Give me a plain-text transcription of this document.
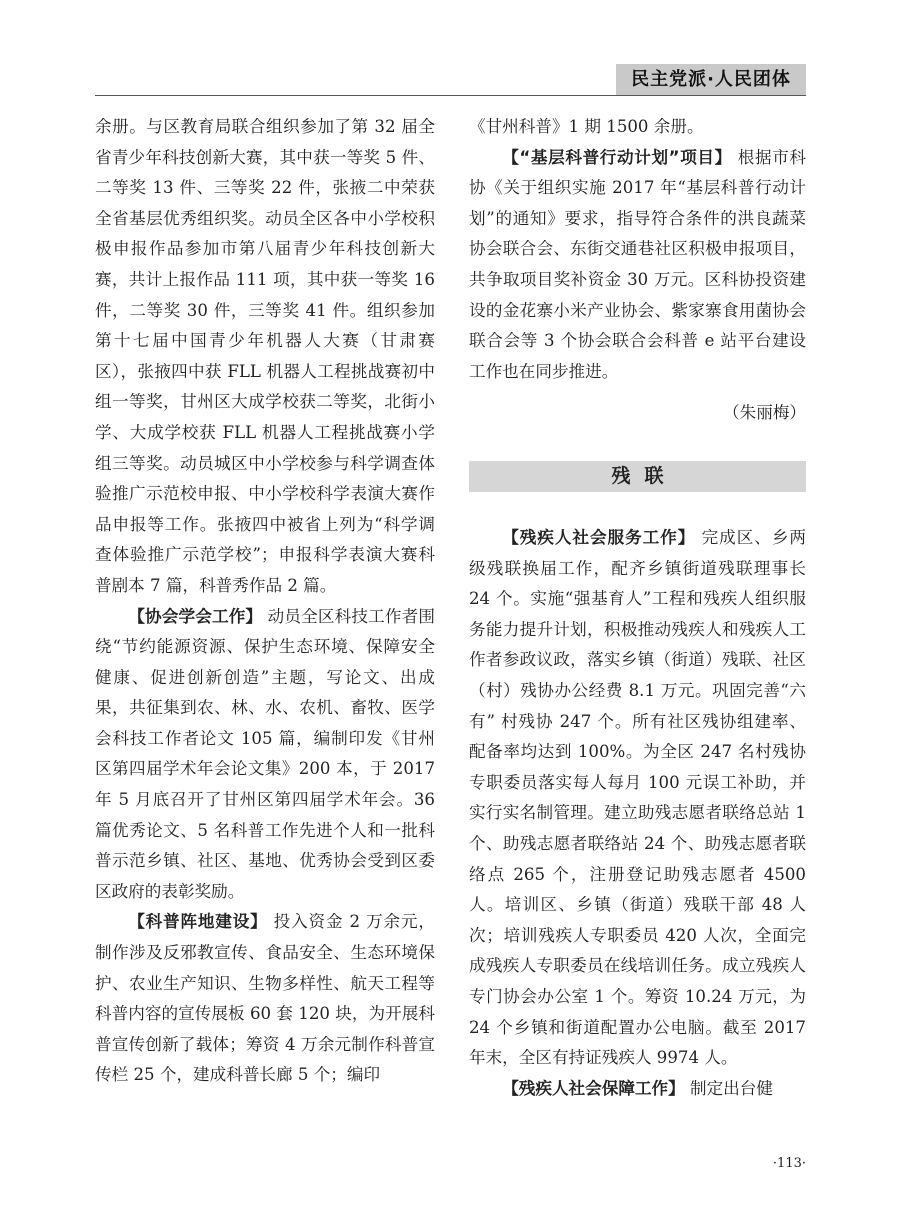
民主党派·人民团体

余册。与区教育局联合组织参加了第 32 届全省青少年科技创新大赛，其中获一等奖 5 件、二等奖 13 件、三等奖 22 件，张掖二中荣获全省基层优秀组织奖。动员全区各中小学校积极申报作品参加市第八届青少年科技创新大赛，共计上报作品 111 项，其中获一等奖 16 件，二等奖 30 件，三等奖 41 件。组织参加第十七届中国青少年机器人大赛（甘肃赛区），张掖四中获 FLL 机器人工程挑战赛初中组一等奖，甘州区大成学校获二等奖，北街小学、大成学校获 FLL 机器人工程挑战赛小学组三等奖。动员城区中小学校参与科学调查体验推广示范校申报、中小学校科学表演大赛作品申报等工作。张掖四中被省上列为“科学调查体验推广示范学校”；申报科学表演大赛科普剧本 7 篇，科普秀作品 2 篇。

【协会学会工作】 动员全区科技工作者围绕“节约能源资源、保护生态环境、保障安全健康、促进创新创造”主题，写论文、出成果，共征集到农、林、水、农机、畜牧、医学会科技工作者论文 105 篇，编制印发《甘州区第四届学术年会论文集》200 本，于 2017 年 5 月底召开了甘州区第四届学术年会。36 篇优秀论文、5 名科普工作先进个人和一批科普示范乡镇、社区、基地、优秀协会受到区委区政府的表彰奖励。

【科普阵地建设】 投入资金 2 万余元，制作涉及反邪教宣传、食品安全、生态环境保护、农业生产知识、生物多样性、航天工程等科普内容的宣传展板 60 套 120 块，为开展科普宣传创新了载体；筹资 4 万余元制作科普宣传栏 25 个，建成科普长廊 5 个；编印

《甘州科普》1 期 1500 余册。

【“基层科普行动计划”项目】 根据市科协《关于组织实施 2017 年“基层科普行动计划”的通知》要求，指导符合条件的洪良蔬菜协会联合会、东街交通巷社区积极申报项目，共争取项目奖补资金 30 万元。区科协投资建设的金花寨小米产业协会、紫家寨食用菌协会联合会等 3 个协会联合会科普 e 站平台建设工作也在同步推进。

（朱丽梅）
残联

【残疾人社会服务工作】 完成区、乡两级残联换届工作，配齐乡镇街道残联理事长 24 个。实施“强基育人”工程和残疾人组织服务能力提升计划，积极推动残疾人和残疾人工作者参政议政，落实乡镇（街道）残联、社区（村）残协办公经费 8.1 万元。巩固完善“六有” 村残协 247 个。所有社区残协组建率、配备率均达到 100%。为全区 247 名村残协专职委员落实每人每月 100 元误工补助，并实行实名制管理。建立助残志愿者联络总站 1 个、助残志愿者联络站 24 个、助残志愿者联络点 265 个，注册登记助残志愿者 4500 人。培训区、乡镇（街道）残联干部 48 人次；培训残疾人专职委员 420 人次，全面完成残疾人专职委员在线培训任务。成立残疾人专门协会办公室 1 个。筹资 10.24 万元，为 24 个乡镇和街道配置办公电脑。截至 2017 年末，全区有持证残疾人 9974 人。

【残疾人社会保障工作】 制定出台健

·113·
